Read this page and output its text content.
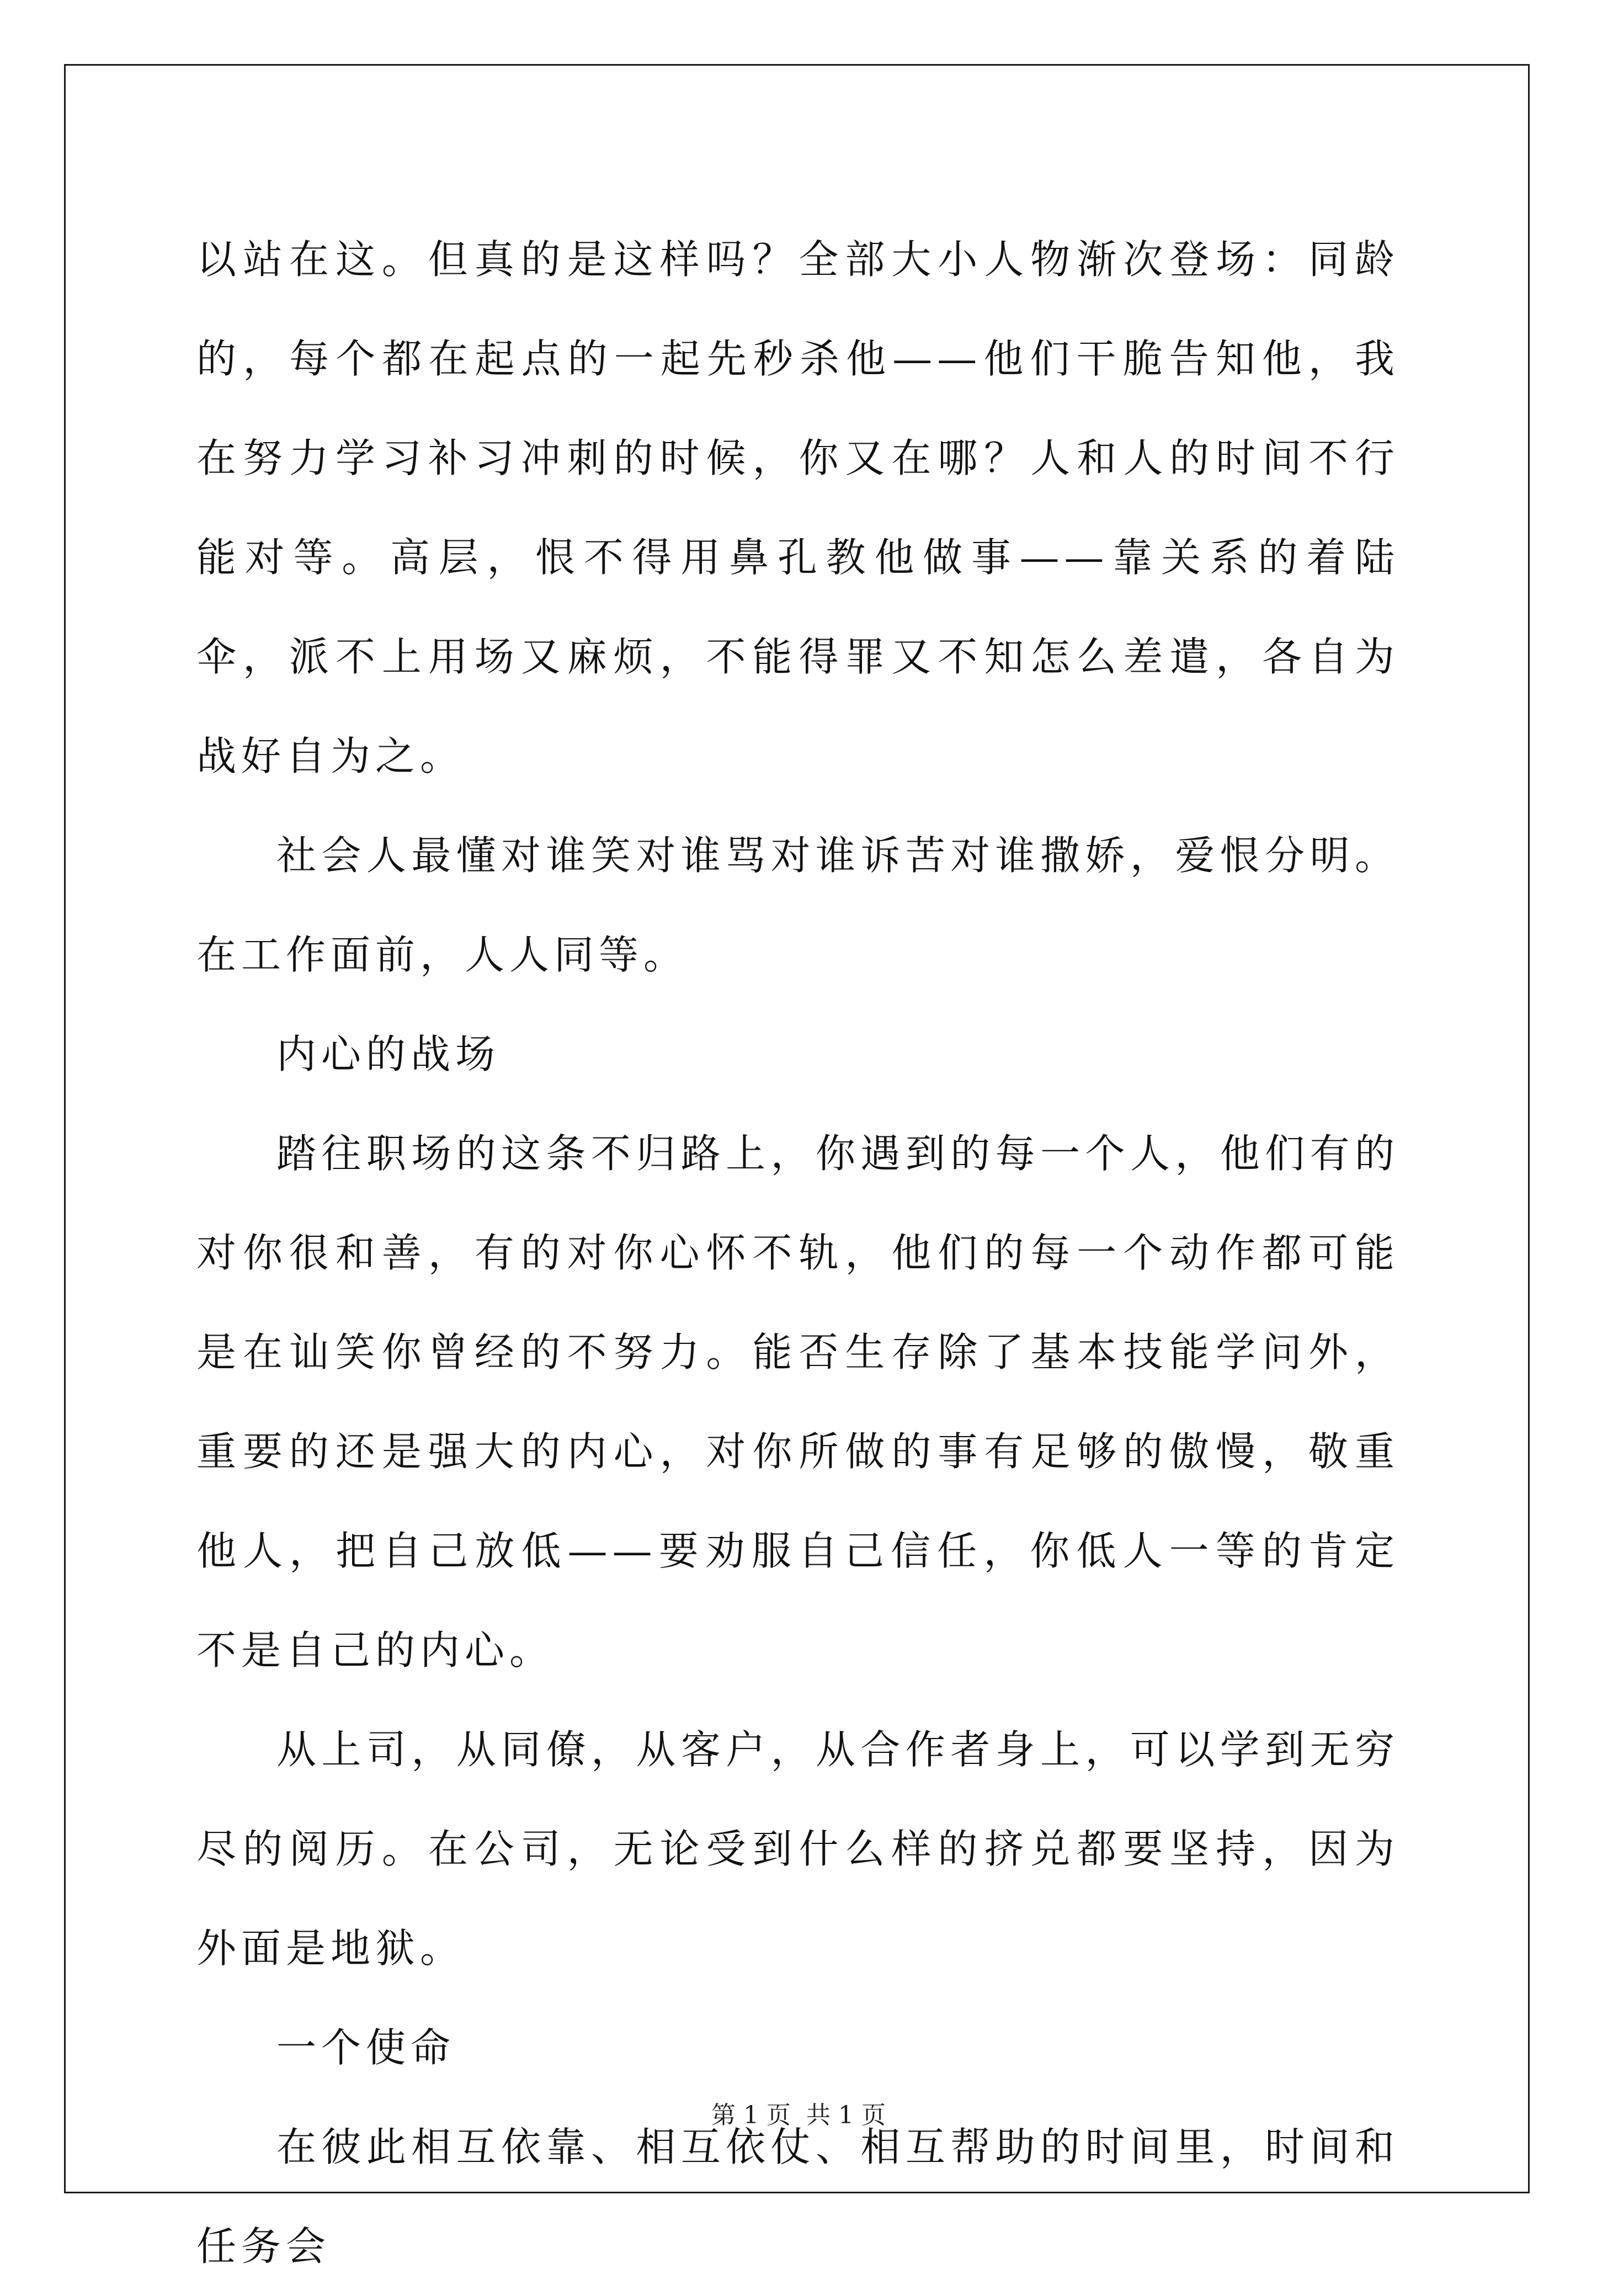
以站在这。但真的是这样吗？全部大小人物渐次登场：同龄的，每个都在起点的一起先秒杀他——他们干脆告知他，我在努力学习补习冲刺的时候，你又在哪？人和人的时间不行能对等。高层，恨不得用鼻孔教他做事——靠关系的着陆伞，派不上用场又麻烦，不能得罪又不知怎么差遣，各自为战好自为之。

社会人最懂对谁笑对谁骂对谁诉苦对谁撒娇，爱恨分明。在工作面前，人人同等。

内心的战场

踏往职场的这条不归路上，你遇到的每一个人，他们有的对你很和善，有的对你心怀不轨，他们的每一个动作都可能是在讪笑你曾经的不努力。能否生存除了基本技能学问外，重要的还是强大的内心，对你所做的事有足够的傲慢，敬重他人，把自己放低——要劝服自己信任，你低人一等的肯定不是自己的内心。

从上司，从同僚，从客户，从合作者身上，可以学到无穷尽的阅历。在公司，无论受到什么样的挤兑都要坚持，因为外面是地狱。

一个使命

在彼此相互依靠、相互依仗、相互帮助的时间里，时间和任务会

第 1 页  共 1 页
